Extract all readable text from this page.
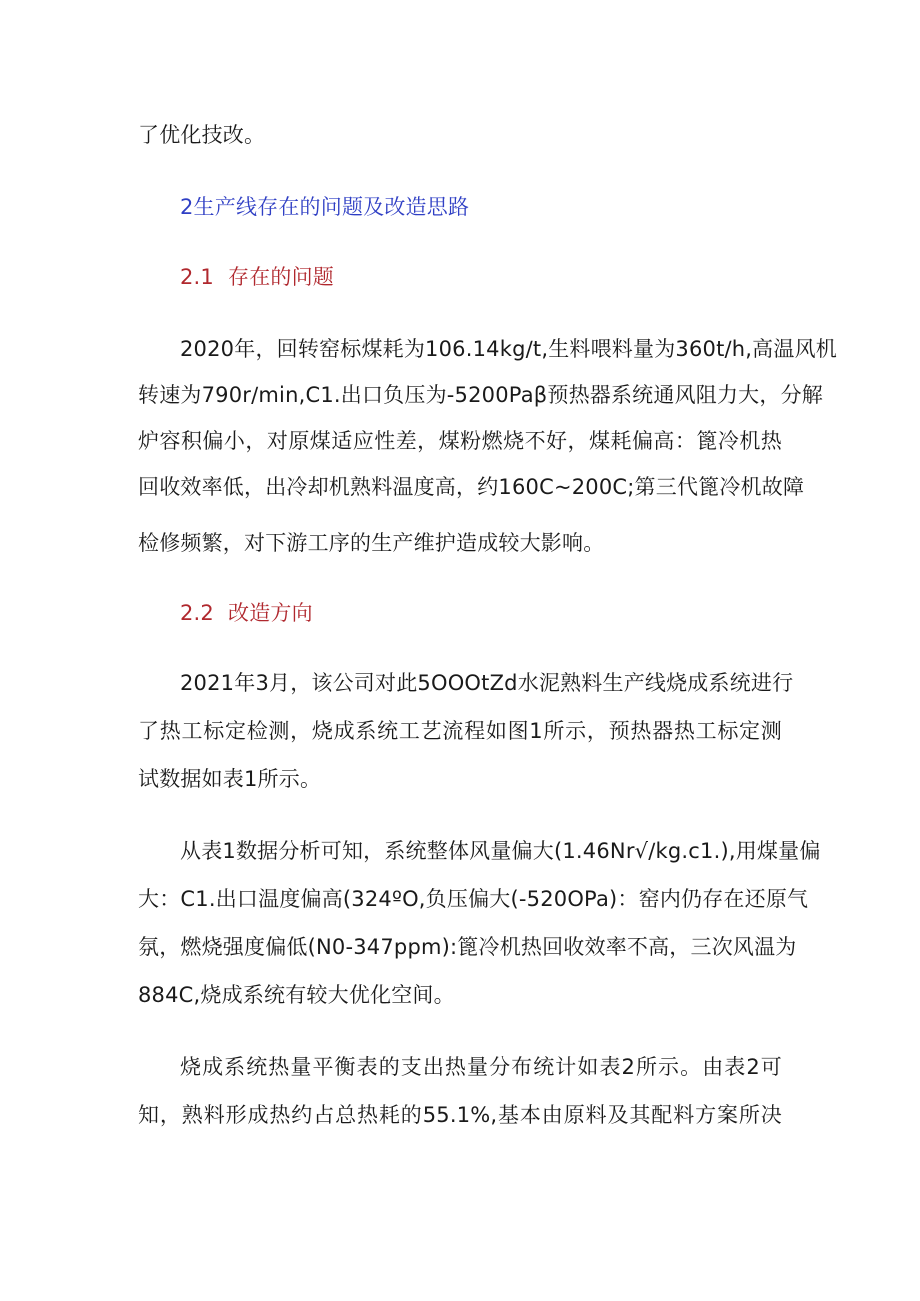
了优化技改。
2生产线存在的问题及改造思路
2.1 存在的问题
2020年，回转窑标煤耗为106.14kg∕t,生料喂料量为360t∕h,高温风机
转速为790r∕min,C1.出口负压为-5200Paβ预热器系统通风阻力大，分解
炉容积偏小，对原煤适应性差，煤粉燃烧不好，煤耗偏高：篦冷机热
回收效率低，出冷却机熟料温度高，约160C~200C;第三代篦冷机故障
检修频繁，对下游工序的生产维护造成较大影响。
2.2 改造方向
2021年3月，该公司对此5OOOtZd水泥熟料生产线烧成系统进行
了热工标定检测，烧成系统工艺流程如图1所示，预热器热工标定测
试数据如表1所示。
从表1数据分析可知，系统整体风量偏大(1.46Nr√∕kg.c1.),用煤量偏
大：C1.出口温度偏高(324ºO,负压偏大(-520OPa)：窑内仍存在还原气
氛，燃烧强度偏低(N0-347ppm):篦冷机热回收效率不高，三次风温为
884C,烧成系统有较大优化空间。
烧成系统热量平衡表的支出热量分布统计如表2所示。由表2可
知，熟料形成热约占总热耗的55.1%,基本由原料及其配料方案所决
